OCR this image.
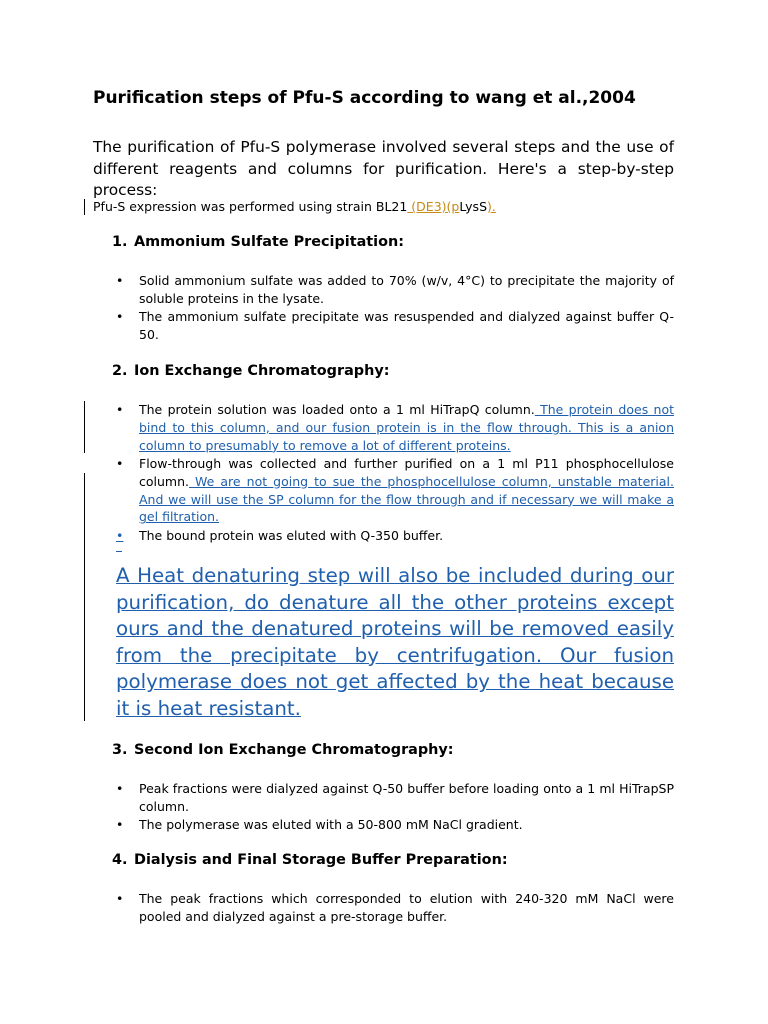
Purification steps of Pfu-S according to wang et al.,2004

The purification of Pfu-S polymerase involved several steps and the use of different reagents and columns for purification. Here's a step-by-step process:

Pfu-S expression was performed using strain BL21 (DE3)(pLysS).
1. Ammonium Sulfate Precipitation:
• Solid ammonium sulfate was added to 70% (w/v, 4°C) to precipitate the majority of soluble proteins in the lysate.
• The ammonium sulfate precipitate was resuspended and dialyzed against buffer Q-50.
2. Ion Exchange Chromatography:
• The protein solution was loaded onto a 1 ml HiTrapQ column. The protein does not bind to this column, and our fusion protein is in the flow through. This is a anion column to presumably to remove a lot of different proteins.
• Flow-through was collected and further purified on a 1 ml P11 phosphocellulose column. We are not going to sue the phosphocellulose column, unstable material. And we will use the SP column for the flow through and if necessary we will make a gel filtration.
• The bound protein was eluted with Q-350 buffer.

A Heat denaturing step will also be included during our purification, do denature all the other proteins except ours and the denatured proteins will be removed easily from the precipitate by centrifugation. Our fusion polymerase does not get affected by the heat because it is heat resistant.

3. Second Ion Exchange Chromatography:
• Peak fractions were dialyzed against Q-50 buffer before loading onto a 1 ml HiTrapSP column.
• The polymerase was eluted with a 50-800 mM NaCl gradient.
4. Dialysis and Final Storage Buffer Preparation:
• The peak fractions which corresponded to elution with 240-320 mM NaCl were pooled and dialyzed against a pre-storage buffer.
